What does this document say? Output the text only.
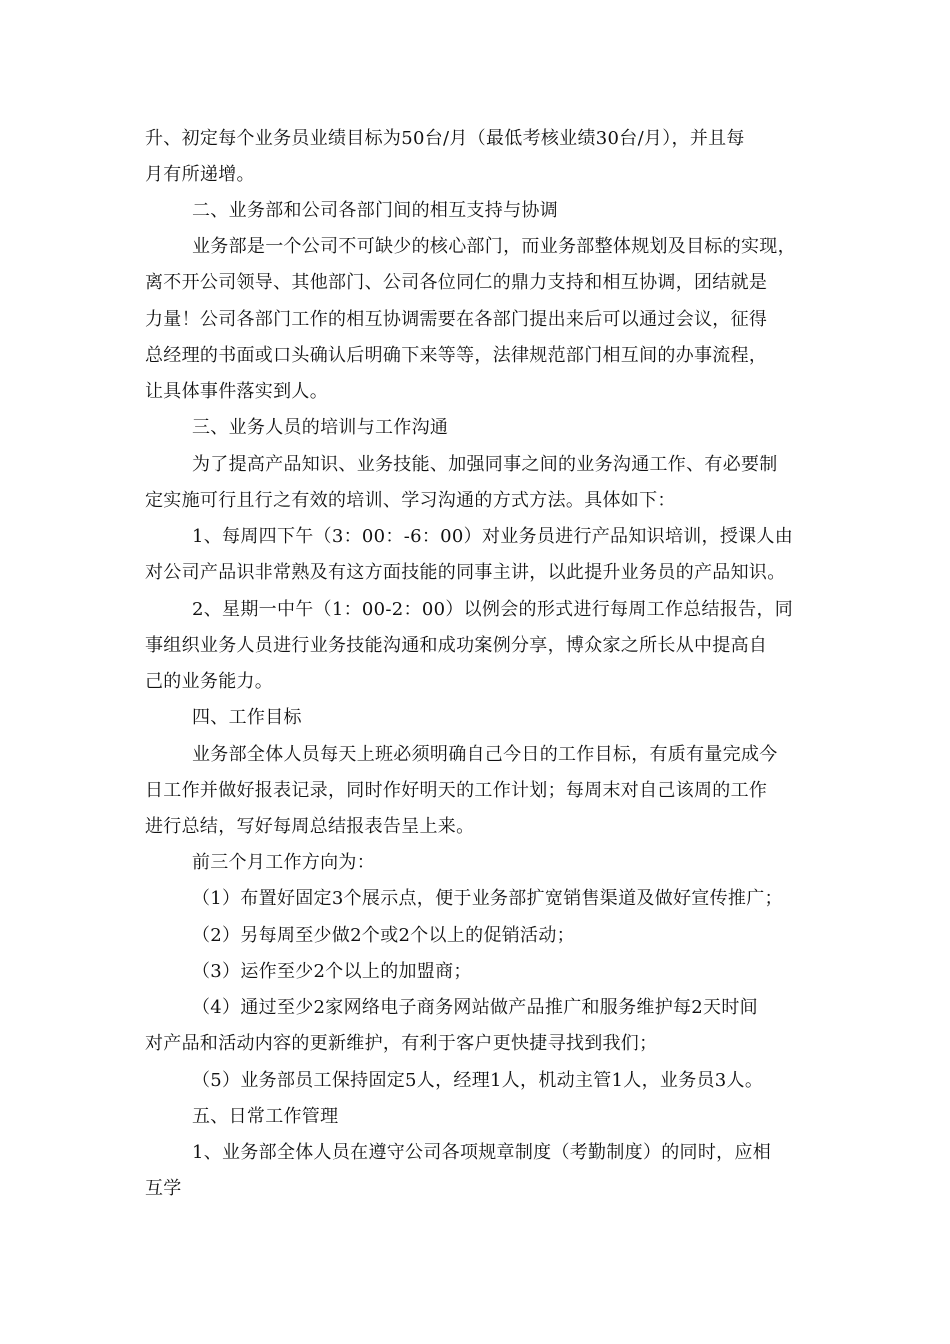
升、初定每个业务员业绩目标为50台/月（最低考核业绩30台/月），并且每
月有所递增。
二、业务部和公司各部门间的相互支持与协调
业务部是一个公司不可缺少的核心部门，而业务部整体规划及目标的实现，
离不开公司领导、其他部门、公司各位同仁的鼎力支持和相互协调，团结就是
力量！公司各部门工作的相互协调需要在各部门提出来后可以通过会议，征得
总经理的书面或口头确认后明确下来等等，法律规范部门相互间的办事流程，
让具体事件落实到人。
三、业务人员的培训与工作沟通
为了提高产品知识、业务技能、加强同事之间的业务沟通工作、有必要制
定实施可行且行之有效的培训、学习沟通的方式方法。具体如下：
1、每周四下午（3：00：-6：00）对业务员进行产品知识培训，授课人由
对公司产品识非常熟及有这方面技能的同事主讲，以此提升业务员的产品知识。
2、星期一中午（1：00-2：00）以例会的形式进行每周工作总结报告，同
事组织业务人员进行业务技能沟通和成功案例分享，博众家之所长从中提高自
己的业务能力。
四、工作目标
业务部全体人员每天上班必须明确自己今日的工作目标，有质有量完成今
日工作并做好报表记录，同时作好明天的工作计划；每周末对自己该周的工作
进行总结，写好每周总结报表告呈上来。
前三个月工作方向为：
（1）布置好固定3个展示点，便于业务部扩宽销售渠道及做好宣传推广；
（2）另每周至少做2个或2个以上的促销活动；
（3）运作至少2个以上的加盟商；
（4）通过至少2家网络电子商务网站做产品推广和服务维护每2天时间
对产品和活动内容的更新维护，有利于客户更快捷寻找到我们；
（5）业务部员工保持固定5人，经理1人，机动主管1人，业务员3人。
五、日常工作管理
1、业务部全体人员在遵守公司各项规章制度（考勤制度）的同时，应相
互学
